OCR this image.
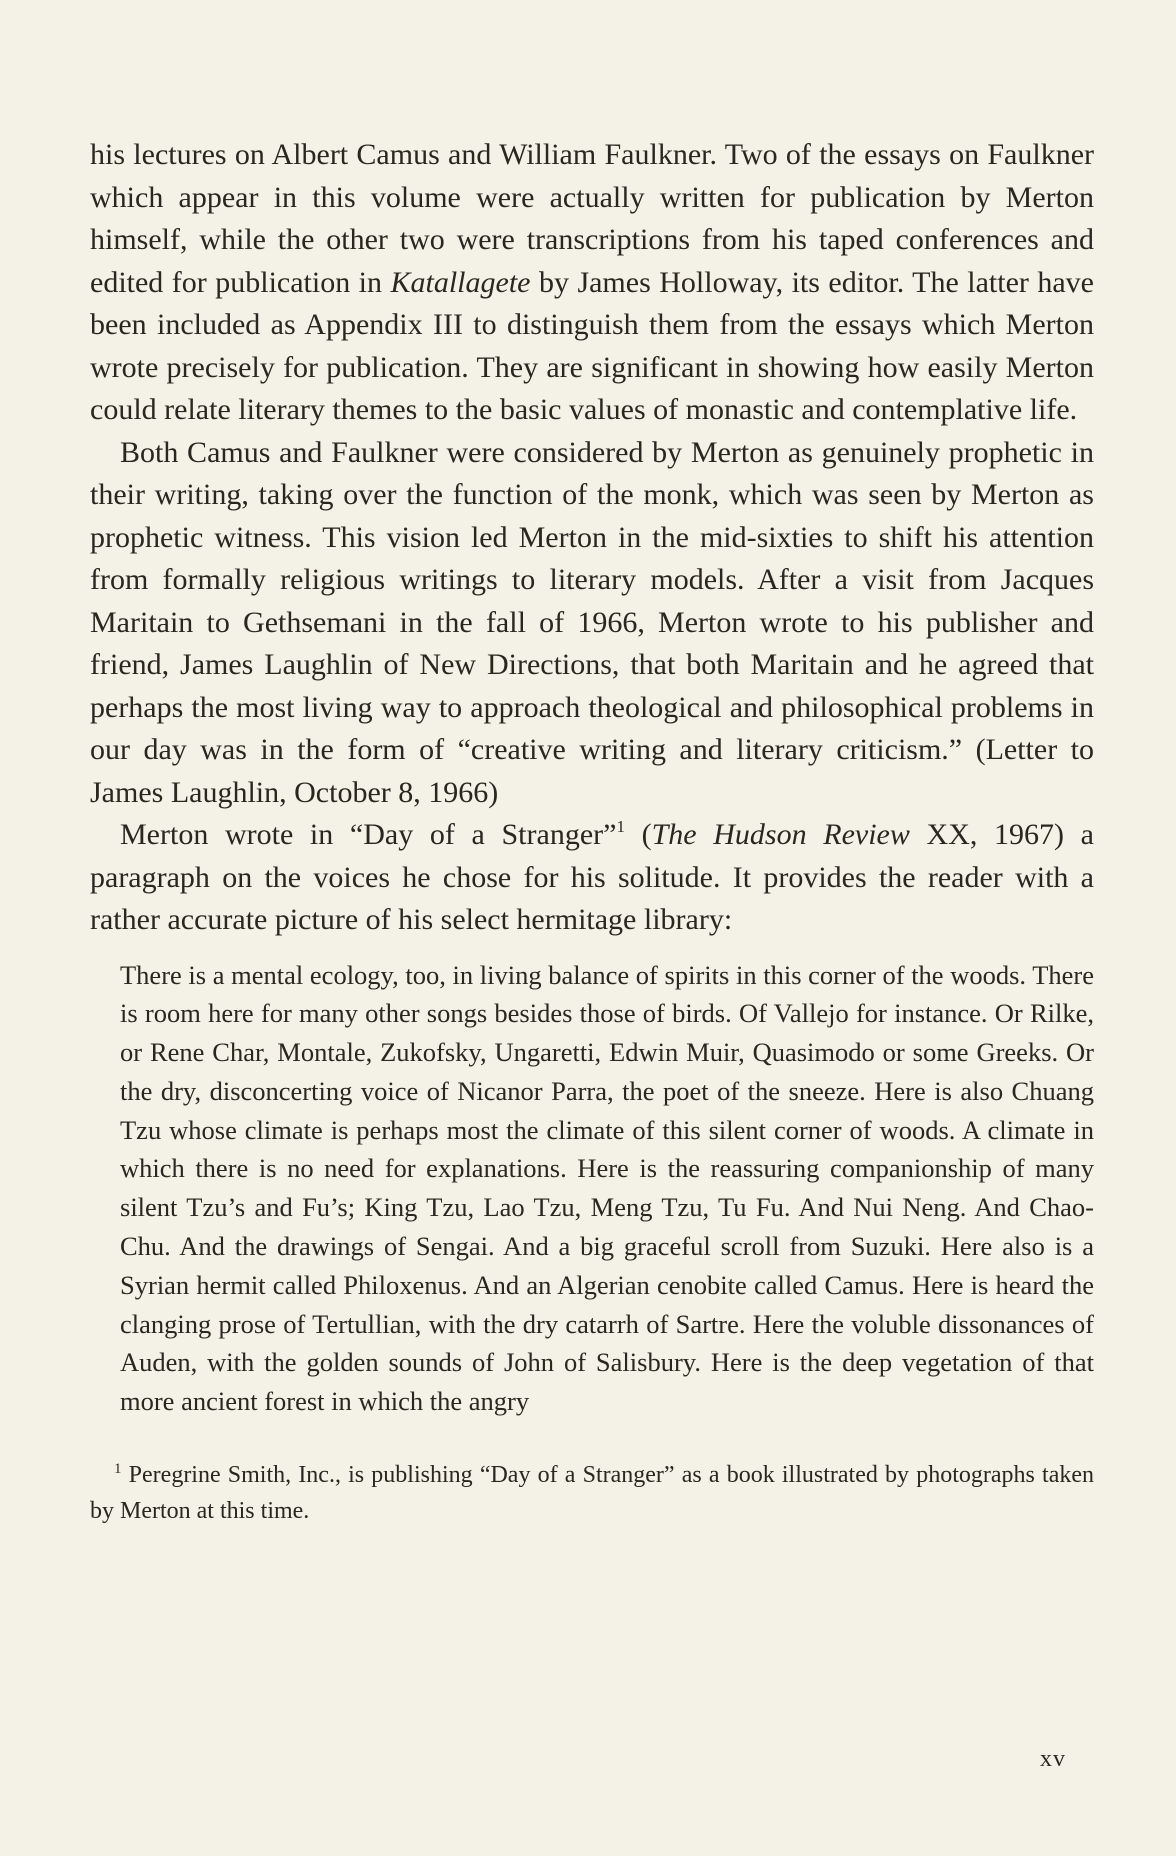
his lectures on Albert Camus and William Faulkner. Two of the essays on Faulkner which appear in this volume were actually written for publication by Merton himself, while the other two were transcriptions from his taped conferences and edited for publication in Katallagete by James Holloway, its editor. The latter have been included as Appendix III to distinguish them from the essays which Merton wrote precisely for publication. They are significant in showing how easily Merton could relate literary themes to the basic values of monastic and contemplative life.

Both Camus and Faulkner were considered by Merton as genuinely prophetic in their writing, taking over the function of the monk, which was seen by Merton as prophetic witness. This vision led Merton in the mid-sixties to shift his attention from formally religious writings to literary models. After a visit from Jacques Maritain to Gethsemani in the fall of 1966, Merton wrote to his publisher and friend, James Laughlin of New Directions, that both Maritain and he agreed that perhaps the most living way to approach theological and philosophical problems in our day was in the form of “creative writing and literary criticism.” (Letter to James Laughlin, October 8, 1966)

Merton wrote in “Day of a Stranger”$^1$ (The Hudson Review XX, 1967) a paragraph on the voices he chose for his solitude. It provides the reader with a rather accurate picture of his select hermitage library:

There is a mental ecology, too, in living balance of spirits in this corner of the woods. There is room here for many other songs besides those of birds. Of Vallejo for instance. Or Rilke, or Rene Char, Montale, Zukofsky, Ungaretti, Edwin Muir, Quasimodo or some Greeks. Or the dry, disconcerting voice of Nicanor Parra, the poet of the sneeze. Here is also Chuang Tzu whose climate is perhaps most the climate of this silent corner of woods. A climate in which there is no need for explanations. Here is the reassuring companionship of many silent Tzu’s and Fu’s; King Tzu, Lao Tzu, Meng Tzu, Tu Fu. And Nui Neng. And Chao-Chu. And the drawings of Sengai. And a big graceful scroll from Suzuki. Here also is a Syrian hermit called Philoxenus. And an Algerian cenobite called Camus. Here is heard the clanging prose of Tertullian, with the dry catarrh of Sartre. Here the voluble dissonances of Auden, with the golden sounds of John of Salisbury. Here is the deep vegetation of that more ancient forest in which the angry
$^1$ Peregrine Smith, Inc., is publishing “Day of a Stranger” as a book illustrated by photographs taken by Merton at this time.
xv
